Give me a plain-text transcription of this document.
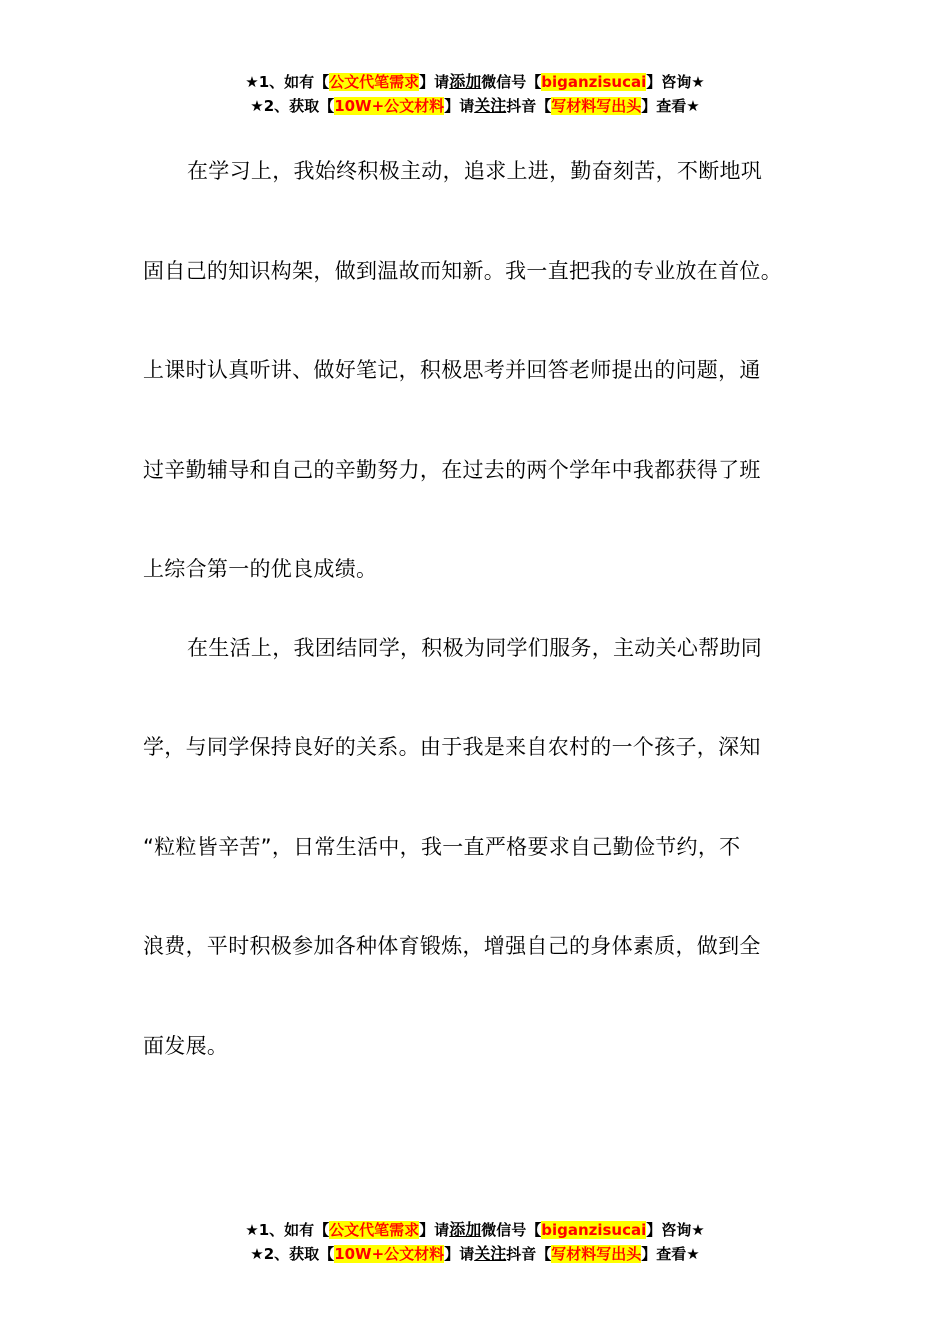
★1、如有【公文代笔需求】请添加微信号【biganzisucai】咨询★
★2、获取【10W+公文材料】请关注抖音【写材料写出头】查看★

在学习上，我始终积极主动，追求上进，勤奋刻苦，不断地巩
固自己的知识构架，做到温故而知新。我一直把我的专业放在首位。
上课时认真听讲、做好笔记，积极思考并回答老师提出的问题，通
过辛勤辅导和自己的辛勤努力，在过去的两个学年中我都获得了班
上综合第一的优良成绩。

在生活上，我团结同学，积极为同学们服务，主动关心帮助同
学，与同学保持良好的关系。由于我是来自农村的一个孩子，深知
“粒粒皆辛苦”，日常生活中，我一直严格要求自己勤俭节约，不
浪费，平时积极参加各种体育锻炼，增强自己的身体素质，做到全
面发展。

★1、如有【公文代笔需求】请添加微信号【biganzisucai】咨询★
★2、获取【10W+公文材料】请关注抖音【写材料写出头】查看★
